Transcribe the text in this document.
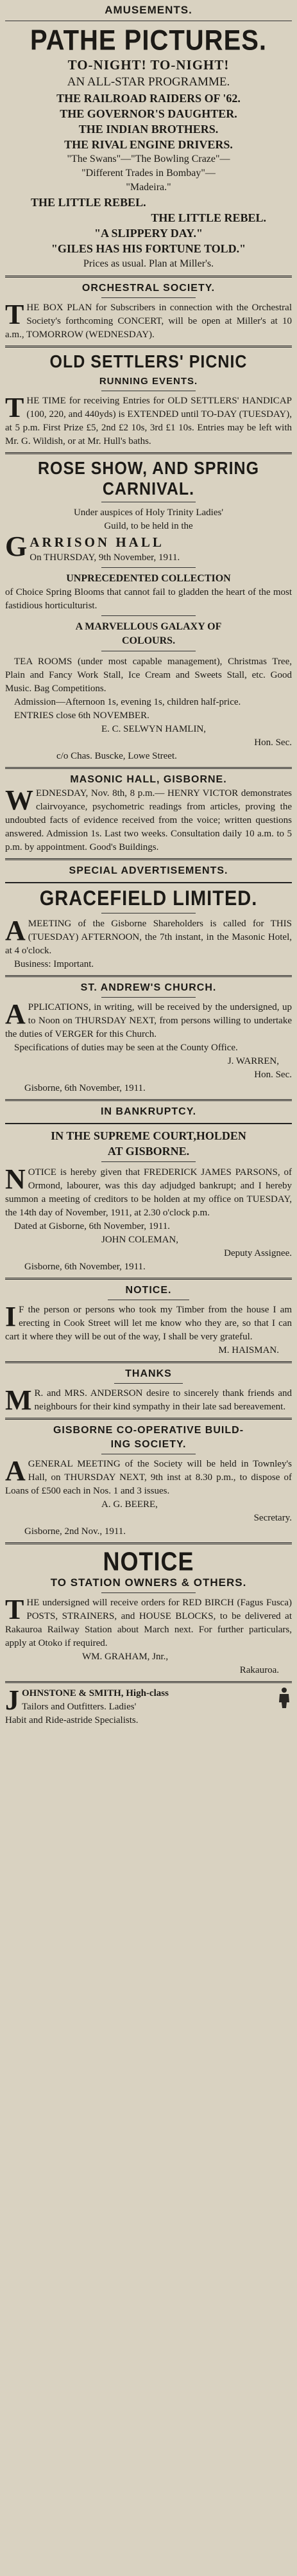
AMUSEMENTS.
PATHE PICTURES.
TO-NIGHT! TO-NIGHT!
AN ALL-STAR PROGRAMME.
THE RAILROAD RAIDERS OF '62.
THE GOVERNOR'S DAUGHTER.
THE INDIAN BROTHERS.
THE RIVAL ENGINE DRIVERS.
"The Swans"—"The Bowling Craze"—
"Different Trades in Bombay"—
"Madeira."
THE LITTLE REBEL.
THE LITTLE REBEL.
"A SLIPPERY DAY."
"GILES HAS HIS FORTUNE TOLD."
Prices as usual. Plan at Miller's.
ORCHESTRAL SOCIETY.

THE BOX PLAN for Subscribers in connection with the Orchestral Society's forthcoming CONCERT, will be open at Miller's at 10 a.m., TOMORROW (WEDNESDAY).

OLD SETTLERS' PICNIC
RUNNING EVENTS.

THE TIME for receiving Entries for OLD SETTLERS' HANDICAP (100, 220, and 440yds) is EXTENDED until TO-DAY (TUESDAY), at 5 p.m. First Prize £5, 2nd £2 10s, 3rd £1 10s. Entries may be left with Mr. G. Wildish, or at Mr. Hull's baths.

ROSE SHOW, AND SPRING
CARNIVAL.
Under auspices of Holy Trinity Ladies'
Guild, to be held in the
G ARRISON HALL
On THURSDAY, 9th November, 1911.
UNPRECEDENTED COLLECTION

of Choice Spring Blooms that cannot fail to gladden the heart of the most fastidious horticulturist.

A MARVELLOUS GALAXY OF
COLOURS.

TEA ROOMS (under most capable management), Christmas Tree, Plain and Fancy Work Stall, Ice Cream and Sweets Stall, etc. Good Music. Bag Competitions.

Admission—Afternoon 1s, evening 1s, children half-price.

ENTRIES close 6th NOVEMBER.

E. C. SELWYN HAMLIN,
Hon. Sec.
c/o Chas. Buscke, Lowe Street.
MASONIC HALL, GISBORNE.

WEDNESDAY, Nov. 8th, 8 p.m.— HENRY VICTOR demonstrates clairvoyance, psychometric readings from articles, proving the undoubted facts of evidence received from the voice; written questions answered. Admission 1s. Last two weeks. Consultation daily 10 a.m. to 5 p.m. by appointment. Good's Buildings.

SPECIAL ADVERTISEMENTS.
GRACEFIELD LIMITED.

AMEETING of the Gisborne Shareholders is called for THIS (TUESDAY) AFTERNOON, the 7th instant, in the Masonic Hotel, at 4 o'clock.

Business: Important.

ST. ANDREW'S CHURCH.

APPLICATIONS, in writing, will be received by the undersigned, up to Noon on THURSDAY NEXT, from persons willing to undertake the duties of VERGER for this Church.

Specifications of duties may be seen at the County Office.

J. WARREN,
Hon. Sec.
Gisborne, 6th November, 1911.
IN BANKRUPTCY.
IN THE SUPREME COURT,HOLDEN
AT GISBORNE.

NOTICE is hereby given that FREDERICK JAMES PARSONS, of Ormond, labourer, was this day adjudged bankrupt; and I hereby summon a meeting of creditors to be holden at my office on TUESDAY, the 14th day of November, 1911, at 2.30 o'clock p.m.

Dated at Gisborne, 6th November, 1911.

JOHN COLEMAN,
Deputy Assignee.
Gisborne, 6th November, 1911.
NOTICE.

I F the person or persons who took my Timber from the house I am erecting in Cook Street will let me know who they are, so that I can cart it where they will be out of the way, I shall be very grateful.

M. HAISMAN.
THANKS

M R. and MRS. ANDERSON desire to sincerely thank friends and neighbours for their kind sympathy in their late sad bereavement.

GISBORNE CO-OPERATIVE BUILD-
ING SOCIETY.

AGENERAL MEETING of the Society will be held in Townley's Hall, on THURSDAY NEXT, 9th inst at 8.30 p.m., to dispose of Loans of £500 each in Nos. 1 and 3 issues.

A. G. BEERE,
Secretary.
Gisborne, 2nd Nov., 1911.
NOTICE
TO STATION OWNERS & OTHERS.

THE undersigned will receive orders for RED BIRCH (Fagus Fusca) POSTS, STRAINERS, and HOUSE BLOCKS, to be delivered at Rakauroa Railway Station about March next. For further particulars, apply at Otoko if required.

WM. GRAHAM, Jnr.,
Rakauroa.
J OHNSTONE & SMITH, High-class
Tailors and Outfitters. Ladies'
Habit and Ride-astride Specialists.
